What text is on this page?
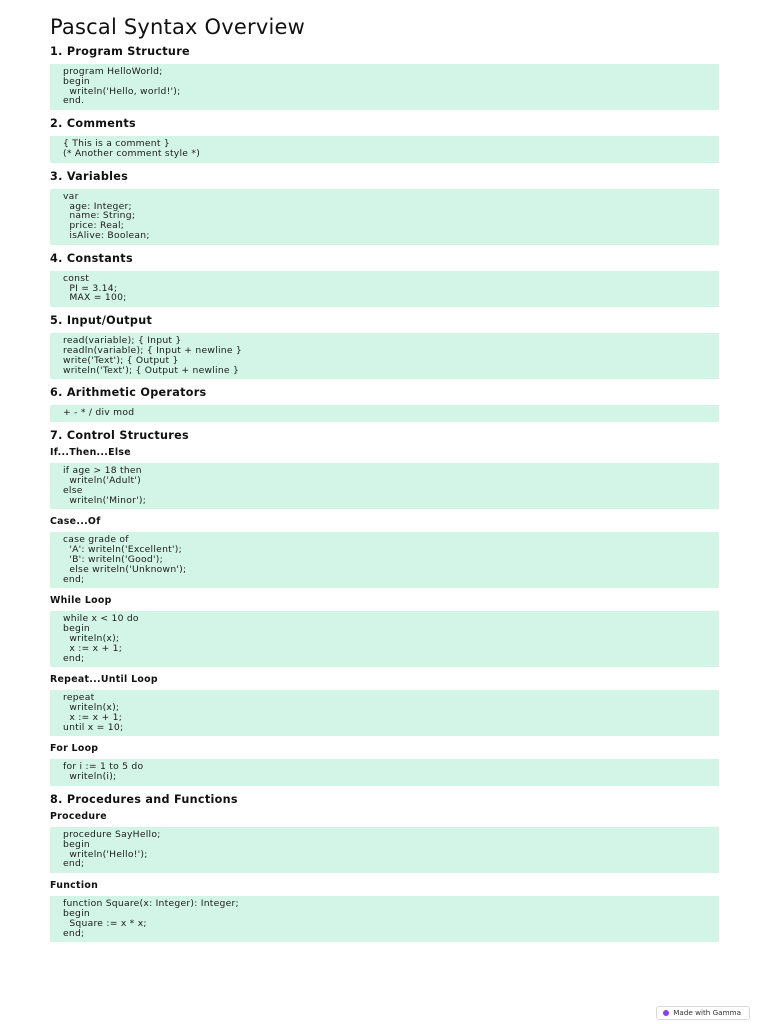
Pascal Syntax Overview
1. Program Structure
program HelloWorld;
begin
writeln('Hello, world!');
end.
2. Comments
{ This is a comment }
(* Another comment style *)
3. Variables
var
age: Integer;
name: String;
price: Real;
isAlive: Boolean;
4. Constants
const
PI = 3.14;
MAX = 100;
5. Input/Output
read(variable); { Input }
readln(variable); { Input + newline }
write('Text'); { Output }
writeln('Text'); { Output + newline }
6. Arithmetic Operators
+ - * / div mod
7. Control Structures
If...Then...Else
if age > 18 then
writeln('Adult')
else
writeln('Minor');
Case...Of
case grade of
'A': writeln('Excellent');
'B': writeln('Good');
else writeln('Unknown');
end;
While Loop
while x < 10 do
begin
writeln(x);
x := x + 1;
end;
Repeat...Until Loop
repeat
writeln(x);
x := x + 1;
until x = 10;
For Loop
for i := 1 to 5 do
writeln(i);
8. Procedures and Functions
Procedure
procedure SayHello;
begin
writeln('Hello!');
end;
Function
function Square(x: Integer): Integer;
begin
Square := x * x;
end;
Made with Gamma
